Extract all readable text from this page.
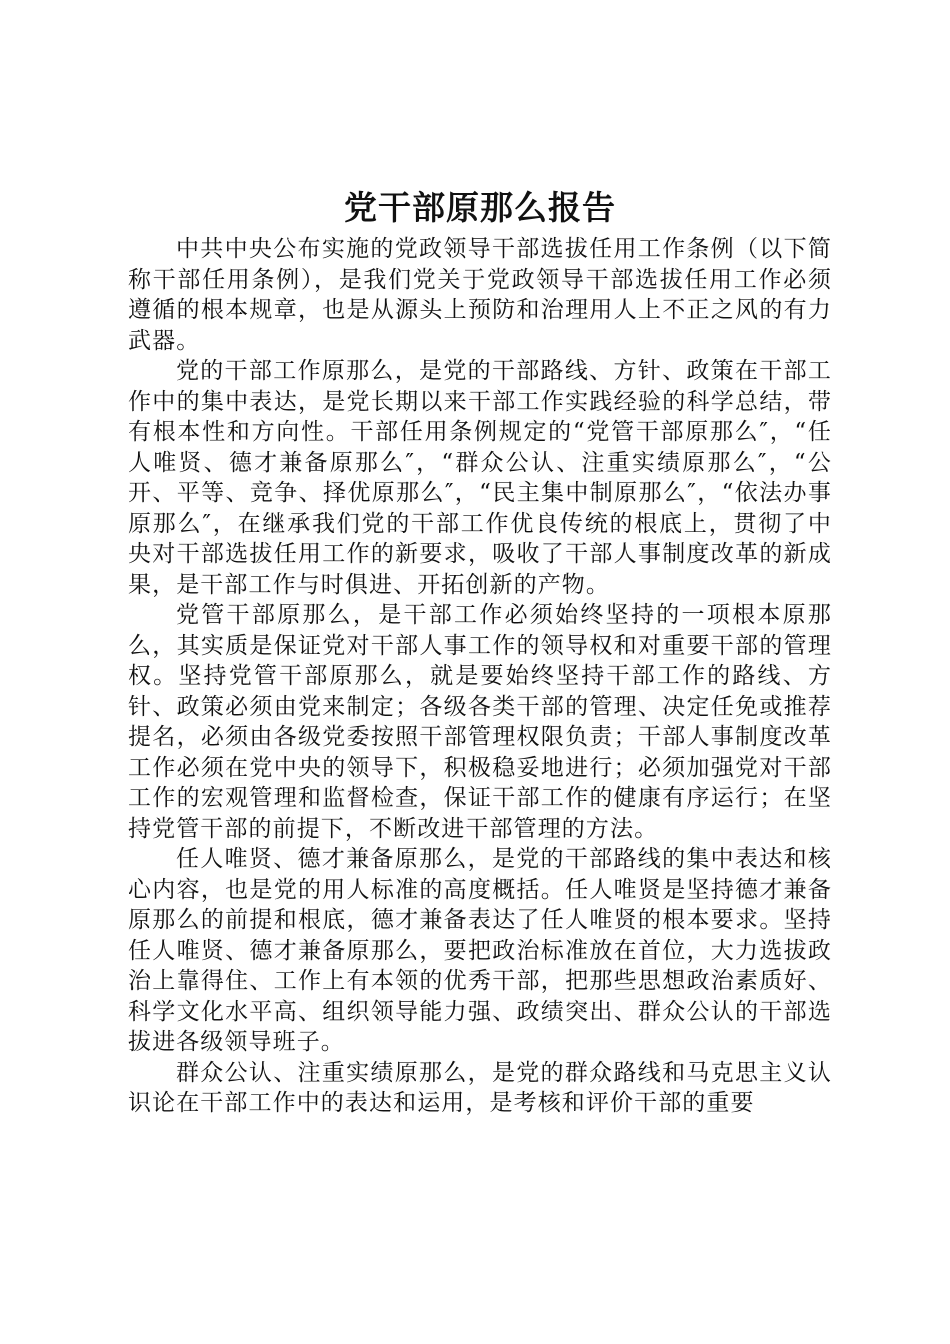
党干部原那么报告

中共中央公布实施的党政领导干部选拔任用工作条例（以下简称干部任用条例），是我们党关于党政领导干部选拔任用工作必须遵循的根本规章，也是从源头上预防和治理用人上不正之风的有力武器。

党的干部工作原那么，是党的干部路线、方针、政策在干部工作中的集中表达，是党长期以来干部工作实践经验的科学总结，带有根本性和方向性。干部任用条例规定的“党管干部原那么″，“任人唯贤、德才兼备原那么″，“群众公认、注重实绩原那么″，“公开、平等、竞争、择优原那么″，“民主集中制原那么″，“依法办事原那么″，在继承我们党的干部工作优良传统的根底上，贯彻了中央对干部选拔任用工作的新要求，吸收了干部人事制度改革的新成果，是干部工作与时俱进、开拓创新的产物。

党管干部原那么，是干部工作必须始终坚持的一项根本原那么，其实质是保证党对干部人事工作的领导权和对重要干部的管理权。坚持党管干部原那么，就是要始终坚持干部工作的路线、方针、政策必须由党来制定；各级各类干部的管理、决定任免或推荐提名，必须由各级党委按照干部管理权限负责；干部人事制度改革工作必须在党中央的领导下，积极稳妥地进行；必须加强党对干部工作的宏观管理和监督检查，保证干部工作的健康有序运行；在坚持党管干部的前提下，不断改进干部管理的方法。

任人唯贤、德才兼备原那么，是党的干部路线的集中表达和核心内容，也是党的用人标准的高度概括。任人唯贤是坚持德才兼备原那么的前提和根底，德才兼备表达了任人唯贤的根本要求。坚持任人唯贤、德才兼备原那么，要把政治标准放在首位，大力选拔政治上靠得住、工作上有本领的优秀干部，把那些思想政治素质好、科学文化水平高、组织领导能力强、政绩突出、群众公认的干部选拔进各级领导班子。

群众公认、注重实绩原那么，是党的群众路线和马克思主义认识论在干部工作中的表达和运用，是考核和评价干部的重要
